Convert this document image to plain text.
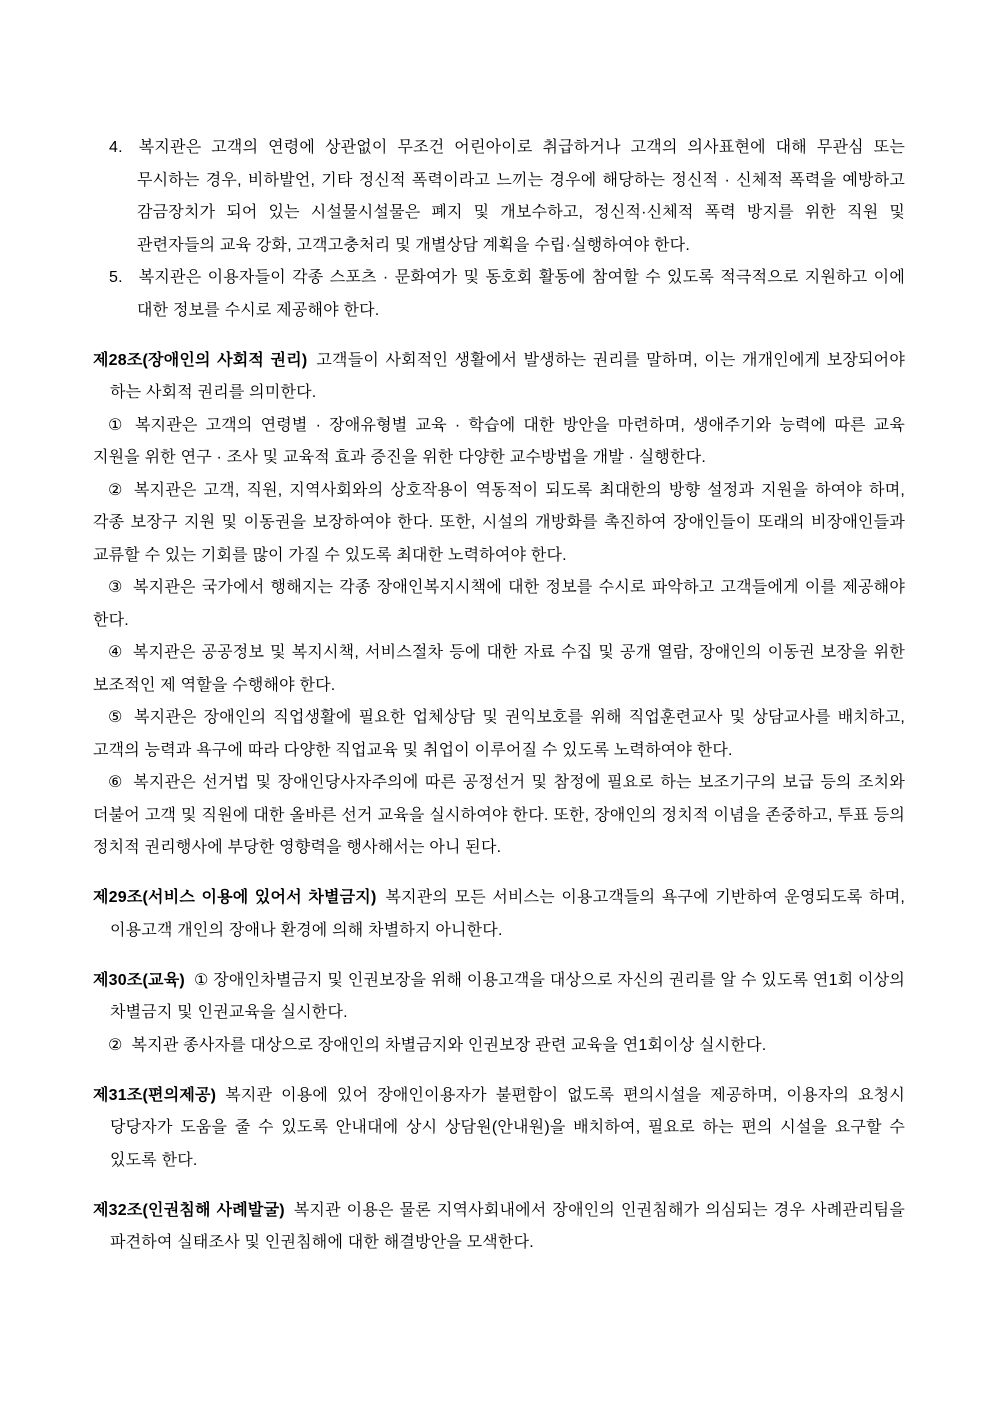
4. 복지관은 고객의 연령에 상관없이 무조건 어린아이로 취급하거나 고객의 의사표현에 대해 무관심 또는 무시하는 경우, 비하발언, 기타 정신적 폭력이라고 느끼는 경우에 해당하는 정신적 · 신체적 폭력을 예방하고 감금장치가 되어 있는 시설물시설물은 폐지 및 개보수하고, 정신적·신체적 폭력 방지를 위한 직원 및 관련자들의 교육 강화, 고객고충처리 및 개별상담 계획을 수립·실행하여야 한다.

5. 복지관은 이용자들이 각종 스포츠 · 문화여가 및 동호회 활동에 참여할 수 있도록 적극적으로 지원하고 이에 대한 정보를 수시로 제공해야 한다.

제28조(장애인의 사회적 권리) 고객들이 사회적인 생활에서 발생하는 권리를 말하며, 이는 개개인에게 보장되어야 하는 사회적 권리를 의미한다.

① 복지관은 고객의 연령별 · 장애유형별 교육 · 학습에 대한 방안을 마련하며, 생애주기와 능력에 따른 교육 지원을 위한 연구 · 조사 및 교육적 효과 증진을 위한 다양한 교수방법을 개발 · 실행한다.

② 복지관은 고객, 직원, 지역사회와의 상호작용이 역동적이 되도록 최대한의 방향 설정과 지원을 하여야 하며, 각종 보장구 지원 및 이동권을 보장하여야 한다. 또한, 시설의 개방화를 촉진하여 장애인들이 또래의 비장애인들과 교류할 수 있는 기회를 많이 가질 수 있도록 최대한 노력하여야 한다.

③ 복지관은 국가에서 행해지는 각종 장애인복지시책에 대한 정보를 수시로 파악하고 고객들에게 이를 제공해야 한다.

④ 복지관은 공공정보 및 복지시책, 서비스절차 등에 대한 자료 수집 및 공개 열람, 장애인의 이동권 보장을 위한 보조적인 제 역할을 수행해야 한다.

⑤ 복지관은 장애인의 직업생활에 필요한 업체상담 및 권익보호를 위해 직업훈련교사 및 상담교사를 배치하고, 고객의 능력과 욕구에 따라 다양한 직업교육 및 취업이 이루어질 수 있도록 노력하여야 한다.

⑥ 복지관은 선거법 및 장애인당사자주의에 따른 공정선거 및 참정에 필요로 하는 보조기구의 보급 등의 조치와 더불어 고객 및 직원에 대한 올바른 선거 교육을 실시하여야 한다. 또한, 장애인의 정치적 이념을 존중하고, 투표 등의 정치적 권리행사에 부당한 영향력을 행사해서는 아니 된다.

제29조(서비스 이용에 있어서 차별금지) 복지관의 모든 서비스는 이용고객들의 욕구에 기반하여 운영되도록 하며, 이용고객 개인의 장애나 환경에 의해 차별하지 아니한다.

제30조(교육) ① 장애인차별금지 및 인권보장을 위해 이용고객을 대상으로 자신의 권리를 알 수 있도록 연1회 이상의 차별금지 및 인권교육을 실시한다.

② 복지관 종사자를 대상으로 장애인의 차별금지와 인권보장 관련 교육을 연1회이상 실시한다.

제31조(편의제공) 복지관 이용에 있어 장애인이용자가 불편함이 없도록 편의시설을 제공하며, 이용자의 요청시 당당자가 도움을 줄 수 있도록 안내대에 상시 상담원(안내원)을 배치하여, 필요로 하는 편의 시설을 요구할 수 있도록 한다.

제32조(인권침해 사례발굴) 복지관 이용은 물론 지역사회내에서 장애인의 인권침해가 의심되는 경우 사례관리팀을 파견하여 실태조사 및 인권침해에 대한 해결방안을 모색한다.
